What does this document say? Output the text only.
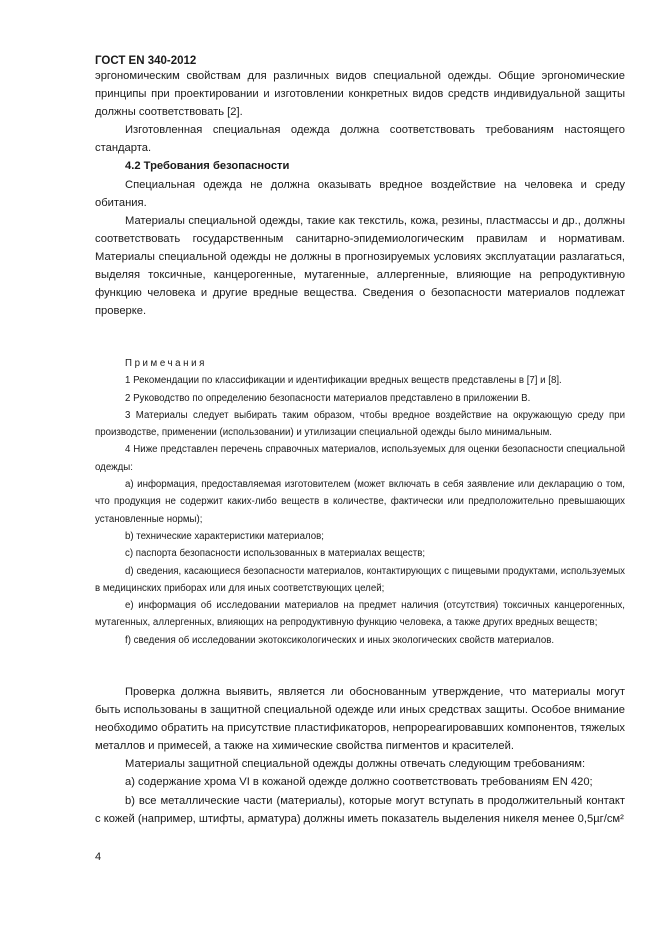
ГОСТ EN 340-2012

эргономическим свойствам для различных видов специальной одежды. Общие эргономические принципы при проектировании и изготовлении конкретных видов средств индивидуальной защиты должны соответствовать [2].

Изготовленная специальная одежда должна соответствовать требованиям настоящего стандарта.

4.2 Требования безопасности

Специальная одежда не должна оказывать вредное воздействие на человека и среду обитания.

Материалы специальной одежды, такие как текстиль, кожа, резины, пластмассы и др., должны соответствовать государственным санитарно-эпидемиологическим правилам и нормативам. Материалы специальной одежды не должны в прогнозируемых условиях эксплуатации разлагаться, выделяя токсичные, канцерогенные, мутагенные, аллергенные, влияющие на репродуктивную функцию человека и другие вредные вещества. Сведения о безопасности материалов подлежат проверке.

Примечания

1 Рекомендации по классификации и идентификации вредных веществ представлены в [7] и [8].

2 Руководство по определению безопасности материалов представлено в приложении В.

3 Материалы следует выбирать таким образом, чтобы вредное воздействие на окружающую среду при производстве, применении (использовании) и утилизации специальной одежды было минимальным.

4 Ниже представлен перечень справочных материалов, используемых для оценки безопасности специальной одежды:

а) информация, предоставляемая изготовителем (может включать в себя заявление или декларацию о том, что продукция не содержит каких-либо веществ в количестве, фактически или предположительно превышающих установленные нормы);

b) технические характеристики материалов;

с) паспорта безопасности использованных в материалах веществ;

d) сведения, касающиеся безопасности материалов, контактирующих с пищевыми продуктами, используемых в медицинских приборах или для иных соответствующих целей;

е) информация об исследовании материалов на предмет наличия (отсутствия) токсичных канцерогенных, мутагенных, аллергенных, влияющих на репродуктивную функцию человека, а также других вредных веществ;

f) сведения об исследовании экотоксикологических и иных экологических свойств материалов.

Проверка должна выявить, является ли обоснованным утверждение, что материалы могут быть использованы в защитной специальной одежде или иных средствах защиты. Особое внимание необходимо обратить на присутствие пластификаторов, непрореагировавших компонентов, тяжелых металлов и примесей, а также на химические свойства пигментов и красителей.

Материалы защитной специальной одежды должны отвечать следующим требованиям:

а) содержание хрома VI в кожаной одежде должно соответствовать требованиям EN 420;

b) все металлические части (материалы), которые могут вступать в продолжительный контакт с кожей (например, штифты, арматура) должны иметь показатель выделения никеля менее 0,5µг/см²

4
